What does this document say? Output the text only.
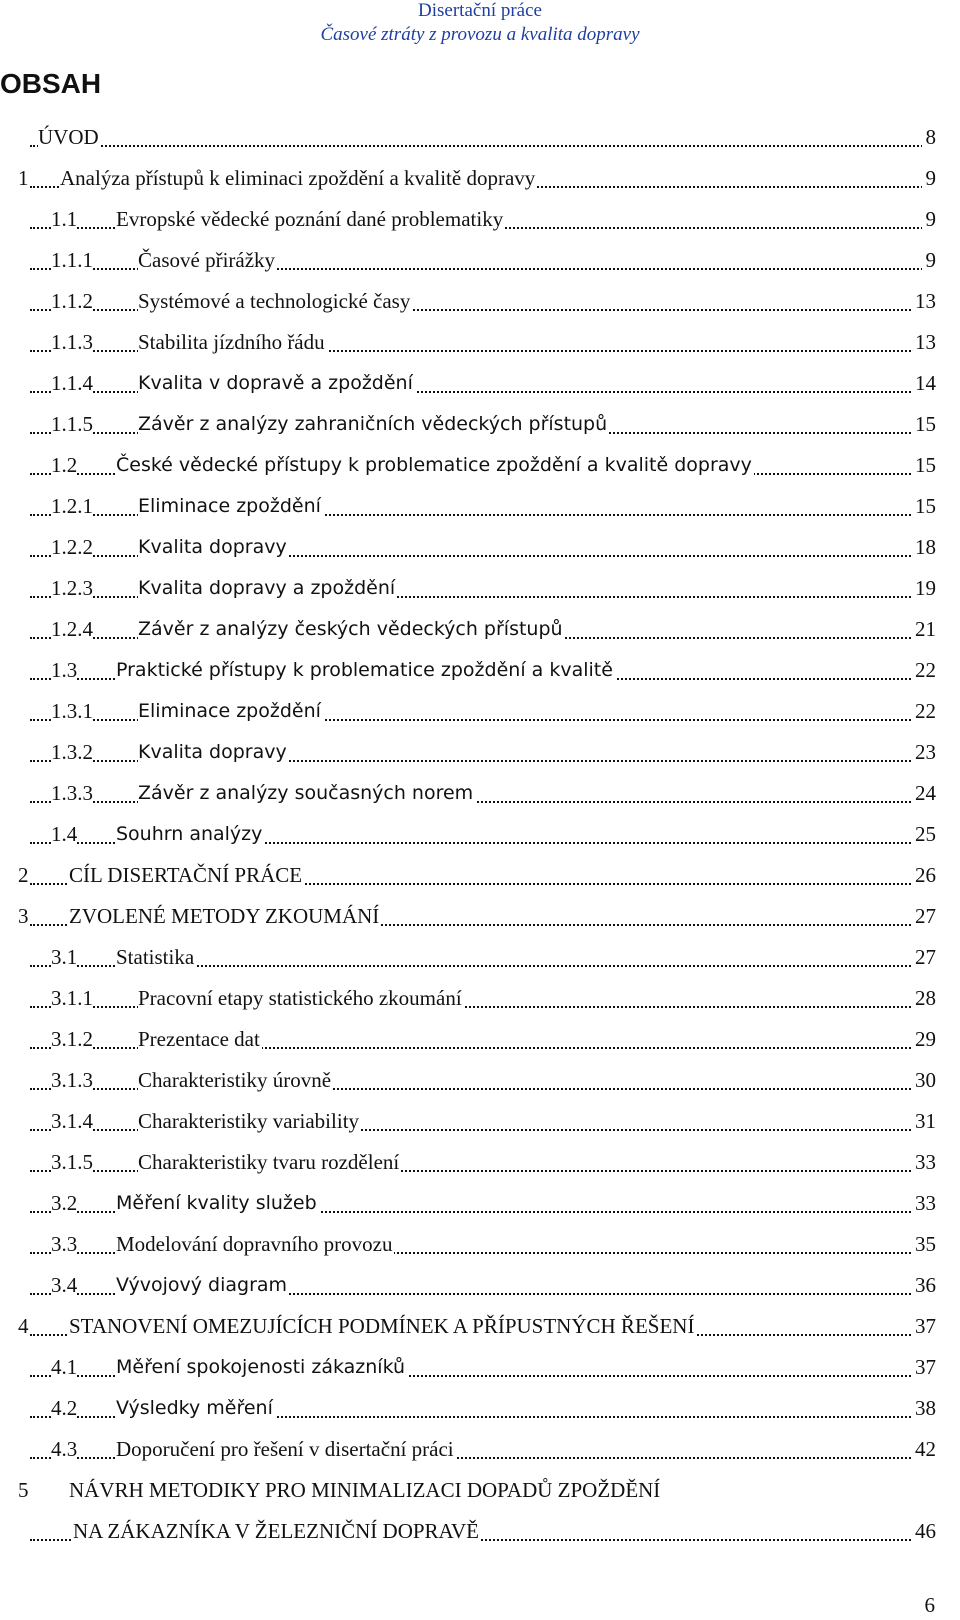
Disertační práce
Časové ztráty z provozu a kvalita dopravy
OBSAH
ÚVOD	8
1 Analýza přístupů k eliminaci zpoždění a kvalitě dopravy	9
1.1 Evropské vědecké poznání dané problematiky	9
1.1.1 Časové přirážky	9
1.1.2 Systémové a technologické časy	13
1.1.3 Stabilita jízdního řádu	13
1.1.4 Kvalita v dopravě a zpoždění	14
1.1.5 Závěr z analýzy zahraničních vědeckých přístupů	15
1.2 České vědecké přístupy k problematice zpoždění a kvalitě dopravy	15
1.2.1 Eliminace zpoždění	15
1.2.2 Kvalita dopravy	18
1.2.3 Kvalita dopravy a zpoždění	19
1.2.4 Závěr z analýzy českých vědeckých přístupů	21
1.3 Praktické přístupy k problematice zpoždění a kvalitě	22
1.3.1 Eliminace zpoždění	22
1.3.2 Kvalita dopravy	23
1.3.3 Závěr z analýzy současných norem	24
1.4 Souhrn analýzy	25
2 CÍL DISERTAČNÍ PRÁCE	26
3 ZVOLENÉ METODY ZKOUMÁNÍ	27
3.1 Statistika	27
3.1.1 Pracovní etapy statistického zkoumání	28
3.1.2 Prezentace dat	29
3.1.3 Charakteristiky úrovně	30
3.1.4 Charakteristiky variability	31
3.1.5 Charakteristiky tvaru rozdělení	33
3.2 Měření kvality služeb	33
3.3 Modelování dopravního provozu	35
3.4 Vývojový diagram	36
4 STANOVENÍ OMEZUJÍCÍCH PODMÍNEK A PŘÍPUSTNÝCH ŘEŠENÍ	37
4.1 Měření spokojenosti zákazníků	37
4.2 Výsledky měření	38
4.3 Doporučení pro řešení v disertační práci	42
5 NÁVRH METODIKY PRO MINIMALIZACI DOPADŮ ZPOŽDĚNÍ
NA ZÁKAZNÍKA V ŽELEZNIČNÍ DOPRAVĚ	46
6
